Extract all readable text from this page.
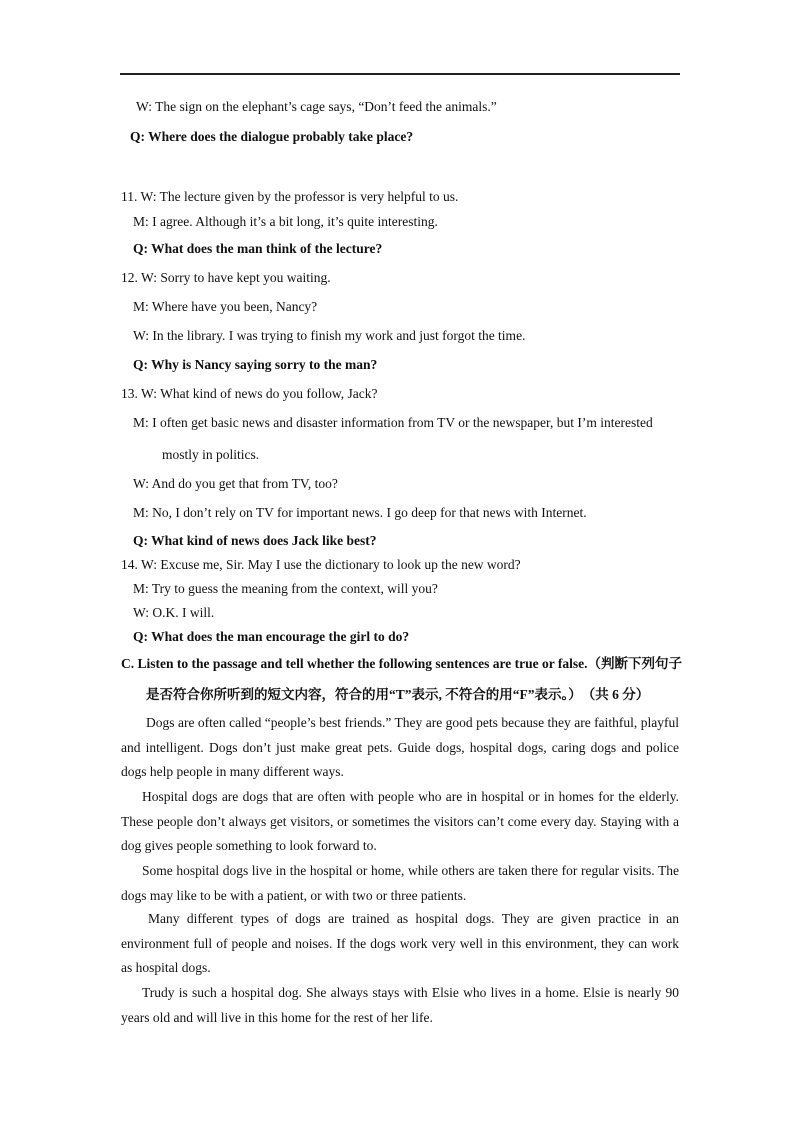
W: The sign on the elephant’s cage says, “Don’t feed the animals.”
Q: Where does the dialogue probably take place?
11. W: The lecture given by the professor is very helpful to us.
M: I agree. Although it’s a bit long, it’s quite interesting.
Q: What does the man think of the lecture?
12. W: Sorry to have kept you waiting.
M: Where have you been, Nancy?
W: In the library. I was trying to finish my work and just forgot the time.
Q: Why is Nancy saying sorry to the man?
13. W: What kind of news do you follow, Jack?
M: I often get basic news and disaster information from TV or the newspaper, but I’m interested
mostly in politics.
W: And do you get that from TV, too?
M: No, I don’t rely on TV for important news. I go deep for that news with Internet.
Q: What kind of news does Jack like best?
14. W: Excuse me, Sir. May I use the dictionary to look up the new word?
M: Try to guess the meaning from the context, will you?
W: O.K. I will.
Q: What does the man encourage the girl to do?
C. Listen to the passage and tell whether the following sentences are true or false.（判断下列句子
是否符合你所听到的短文内容，符合的用“T”表示, 不符合的用“F”表示。）　（共 6 分）
Dogs are often called “people’s best friends.” They are good pets because they are faithful, playful and intelligent. Dogs don’t just make great pets. Guide dogs, hospital dogs, caring dogs and police dogs help people in many different ways.
Hospital dogs are dogs that are often with people who are in hospital or in homes for the elderly. These people don’t always get visitors, or sometimes the visitors can’t come every day. Staying with a dog gives people something to look forward to.
Some hospital dogs live in the hospital or home, while others are taken there for regular visits. The dogs may like to be with a patient, or with two or three patients.
Many different types of dogs are trained as hospital dogs. They are given practice in an environment full of people and noises. If the dogs work very well in this environment, they can work as hospital dogs.
Trudy is such a hospital dog. She always stays with Elsie who lives in a home. Elsie is nearly 90 years old and will live in this home for the rest of her life.
